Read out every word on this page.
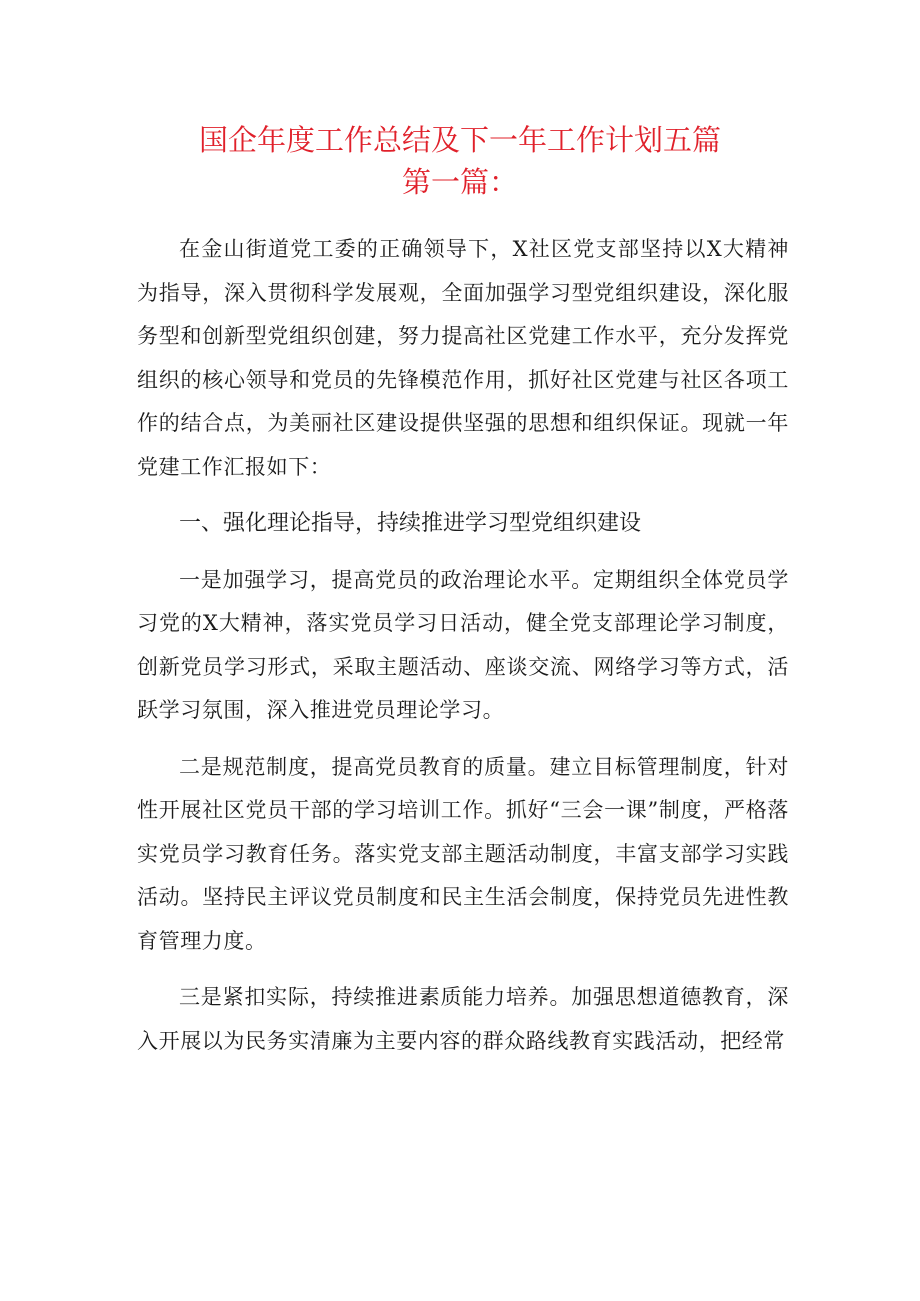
国企年度工作总结及下一年工作计划五篇
第一篇：

在金山街道党工委的正确领导下，X社区党支部坚持以X大精神为指导，深入贯彻科学发展观，全面加强学习型党组织建设，深化服务型和创新型党组织创建，努力提高社区党建工作水平，充分发挥党组织的核心领导和党员的先锋模范作用，抓好社区党建与社区各项工作的结合点，为美丽社区建设提供坚强的思想和组织保证。现就一年党建工作汇报如下：

一、强化理论指导，持续推进学习型党组织建设

一是加强学习，提高党员的政治理论水平。定期组织全体党员学习党的X大精神，落实党员学习日活动，健全党支部理论学习制度，创新党员学习形式，采取主题活动、座谈交流、网络学习等方式，活跃学习氛围，深入推进党员理论学习。

二是规范制度，提高党员教育的质量。建立目标管理制度，针对性开展社区党员干部的学习培训工作。抓好“三会一课”制度，严格落实党员学习教育任务。落实党支部主题活动制度，丰富支部学习实践活动。坚持民主评议党员制度和民主生活会制度，保持党员先进性教育管理力度。

三是紧扣实际，持续推进素质能力培养。加强思想道德教育，深入开展以为民务实清廉为主要内容的群众路线教育实践活动，把经常
